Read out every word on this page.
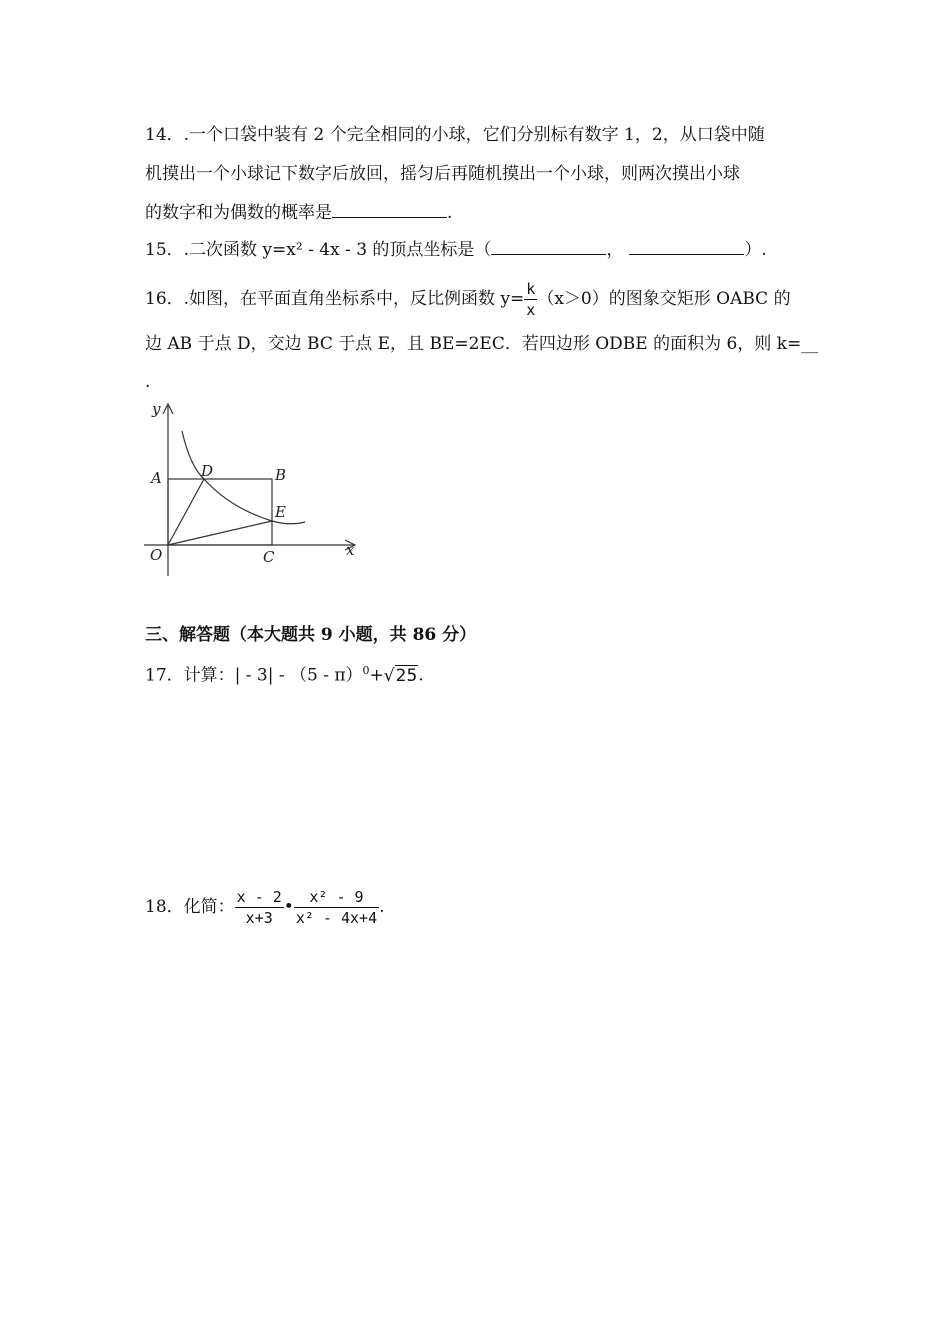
14．.一个口袋中装有 2 个完全相同的小球，它们分别标有数字 1，2，从口袋中随
机摸出一个小球记下数字后放回，摇匀后再随机摸出一个小球，则两次摸出小球
的数字和为偶数的概率是	.
15．.二次函数 y=x² - 4x - 3 的顶点坐标是（	，	）.
16．.如图，在平面直角坐标系中，反比例函数 $y= \frac{k}{x} (x>0)$的图象交矩形 OABC 的
边 AB 于点 D，交边 BC 于点 E，且 BE=2EC．若四边形 ODBE 的面积为 6，则 k=__
.
y
x
A	B
C
D
E
O
三、解答题（本大题共 9 小题，共 86 分）
17．计算：| - 3| - （5 - π）$^0$+√25.
18．化简： $\frac{x - 2}{x+3}$ • $\frac{\text{x² - 9}}{\text{x² - 4x+4}}$ .
